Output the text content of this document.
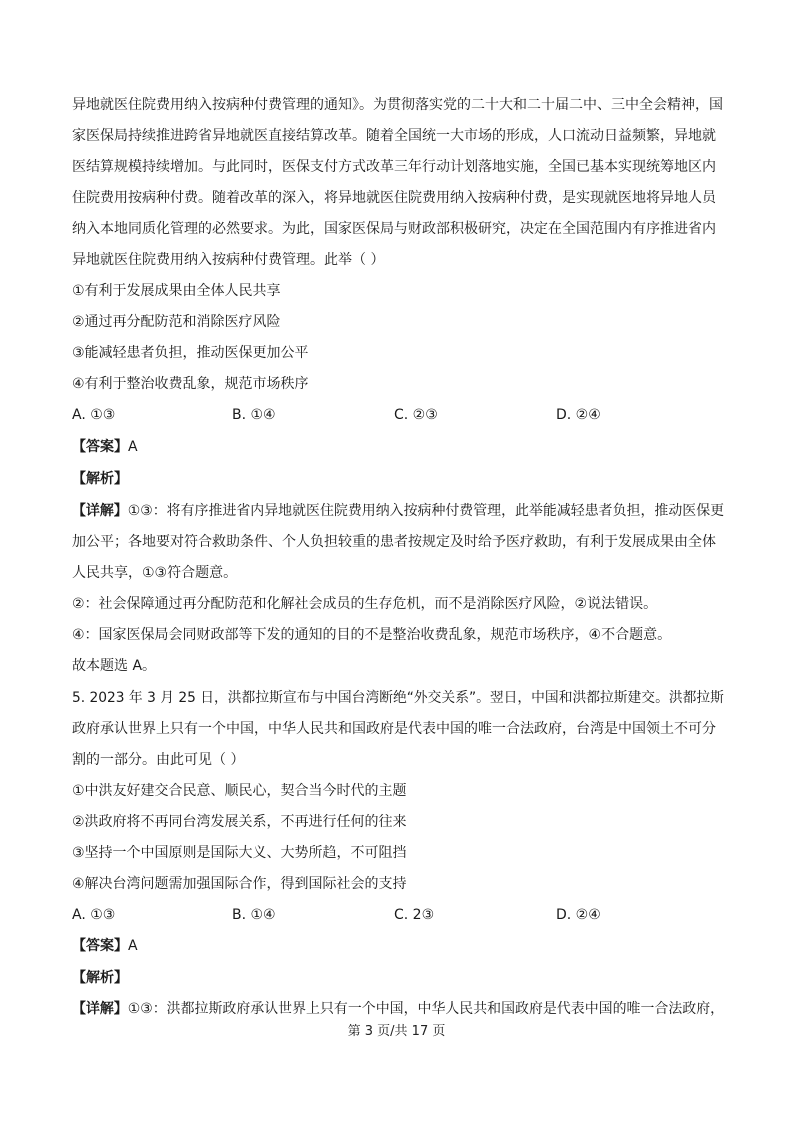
异地就医住院费用纳入按病种付费管理的通知》。为贯彻落实党的二十大和二十届二中、三中全会精神，国
家医保局持续推进跨省异地就医直接结算改革。随着全国统一大市场的形成，人口流动日益频繁，异地就
医结算规模持续增加。与此同时，医保支付方式改革三年行动计划落地实施，全国已基本实现统筹地区内
住院费用按病种付费。随着改革的深入，将异地就医住院费用纳入按病种付费，是实现就医地将异地人员
纳入本地同质化管理的必然要求。为此，国家医保局与财政部积极研究，决定在全国范围内有序推进省内
异地就医住院费用纳入按病种付费管理。此举（ ）
①有利于发展成果由全体人民共享
②通过再分配防范和消除医疗风险
③能减轻患者负担，推动医保更加公平
④有利于整治收费乱象，规范市场秩序
A. ①③	B. ①④	C. ②③	D. ②④
【答案】A
【解析】
【详解】①③：将有序推进省内异地就医住院费用纳入按病种付费管理，此举能减轻患者负担，推动医保更
加公平；各地要对符合救助条件、个人负担较重的患者按规定及时给予医疗救助，有利于发展成果由全体
人民共享，①③符合题意。
②：社会保障通过再分配防范和化解社会成员的生存危机，而不是消除医疗风险，②说法错误。
④：国家医保局会同财政部等下发的通知的目的不是整治收费乱象，规范市场秩序，④不合题意。
故本题选 A。
5. 2023 年 3 月 25 日，洪都拉斯宣布与中国台湾断绝“外交关系”。翌日，中国和洪都拉斯建交。洪都拉斯
政府承认世界上只有一个中国，中华人民共和国政府是代表中国的唯一合法政府，台湾是中国领土不可分
割的一部分。由此可见（ ）
①中洪友好建交合民意、顺民心，契合当今时代的主题
②洪政府将不再同台湾发展关系，不再进行任何的往来
③坚持一个中国原则是国际大义、大势所趋，不可阻挡
④解决台湾问题需加强国际合作，得到国际社会的支持
A. ①③	B. ①④	C. 2③	D. ②④
【答案】A
【解析】
【详解】①③：洪都拉斯政府承认世界上只有一个中国，中华人民共和国政府是代表中国的唯一合法政府，
第 3 页/共 17 页
